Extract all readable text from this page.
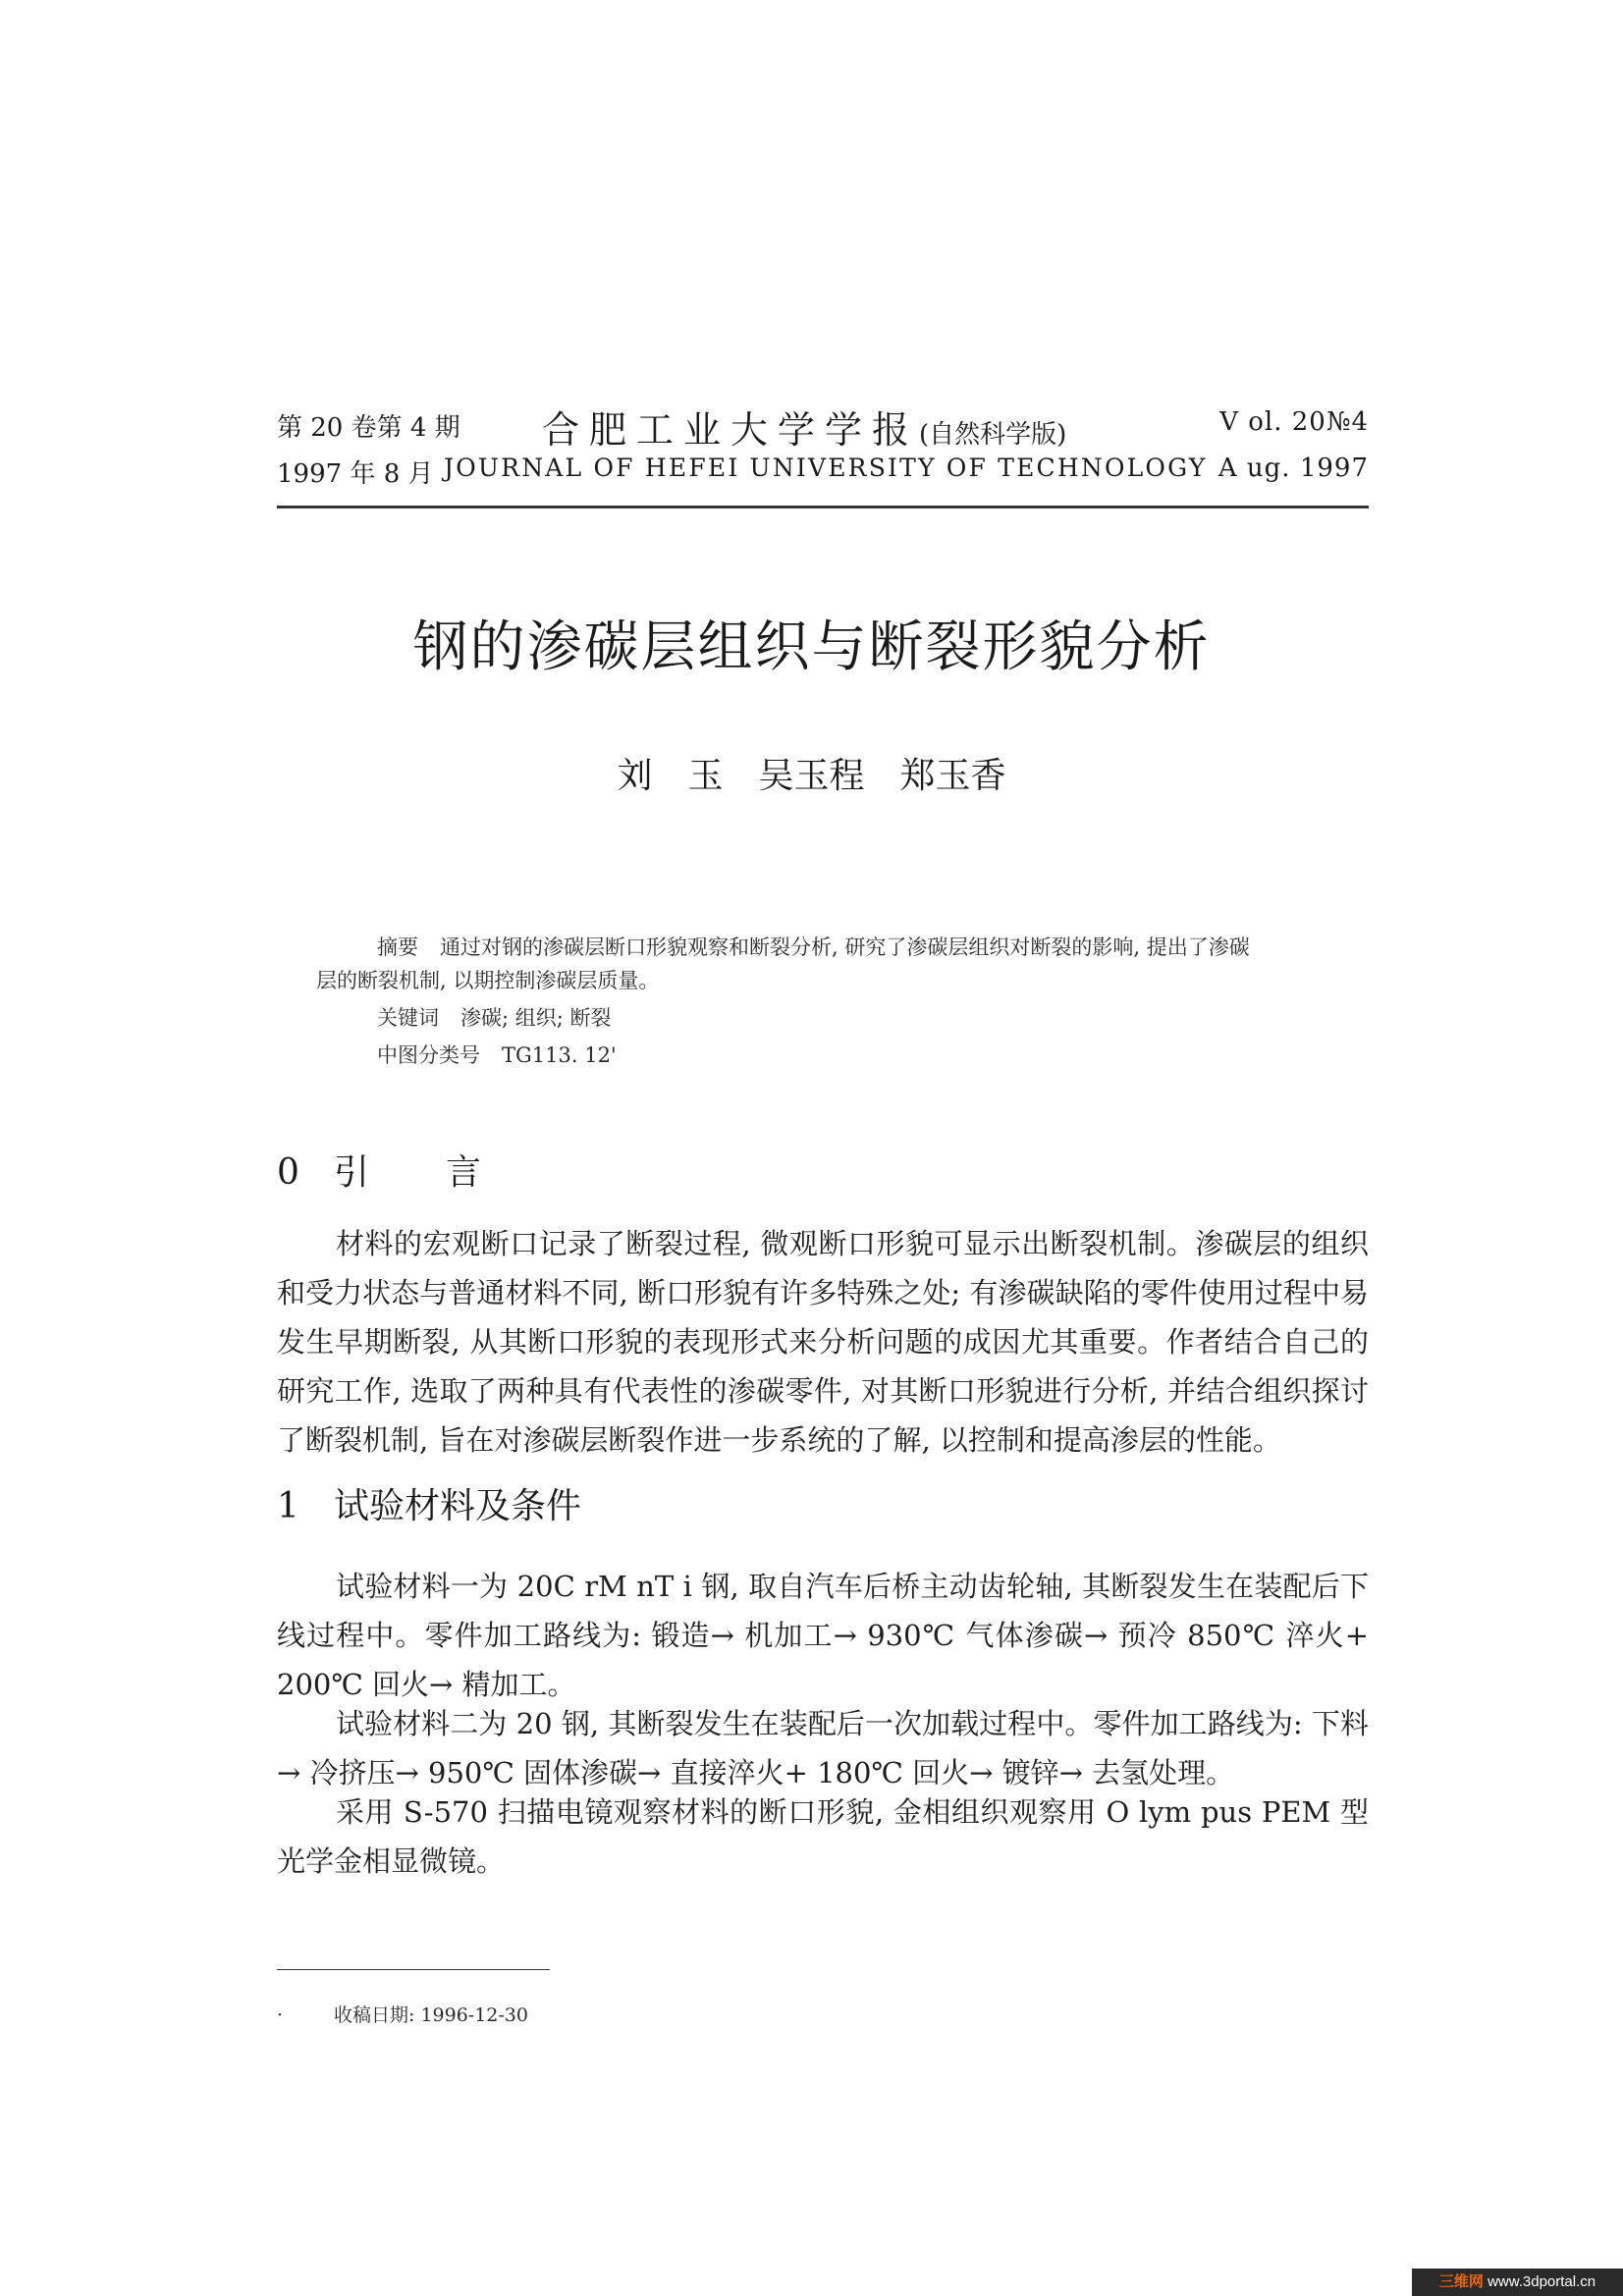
第 20 卷第 4 期 合肥工业大学学报(自然科学版)	V ol. 20№4
1997 年 8 月 JOURNAL OF HEFEI UNIVERSITY OF TECHNOLOGY A ug. 1997
钢的渗碳层组织与断裂形貌分析
刘　玉　吴玉程　郑玉香
摘要 通过对钢的渗碳层断口形貌观察和断裂分析, 研究了渗碳层组织对断裂的影响, 提出了渗碳
层的断裂机制, 以期控制渗碳层质量。
关键词 渗碳; 组织; 断裂
中图分类号 TG113. 12'
0 引言
材料的宏观断口记录了断裂过程, 微观断口形貌可显示出断裂机制。渗碳层的组织和受力状态与普通材料不同, 断口形貌有许多特殊之处; 有渗碳缺陷的零件使用过程中易发生早期断裂, 从其断口形貌的表现形式来分析问题的成因尤其重要。作者结合自己的研究工作, 选取了两种具有代表性的渗碳零件, 对其断口形貌进行分析, 并结合组织探讨了断裂机制, 旨在对渗碳层断裂作进一步系统的了解, 以控制和提高渗层的性能。
1 试验材料及条件
试验材料一为 20C rM nT i 钢, 取自汽车后桥主动齿轮轴, 其断裂发生在装配后下线过程中。零件加工路线为: 锻造→ 机加工→ 930℃ 气体渗碳→ 预冷 850℃ 淬火+ 200℃ 回火→ 精加工。
试验材料二为 20 钢, 其断裂发生在装配后一次加载过程中。零件加工路线为: 下料→ 冷挤压→ 950℃ 固体渗碳→ 直接淬火+ 180℃ 回火→ 镀锌→ 去氢处理。
采用 S-570 扫描电镜观察材料的断口形貌, 金相组织观察用 O lym pus PEM 型光学金相显微镜。
·	收稿日期: 1996-12-30
三维网 www.3dportal.cn
